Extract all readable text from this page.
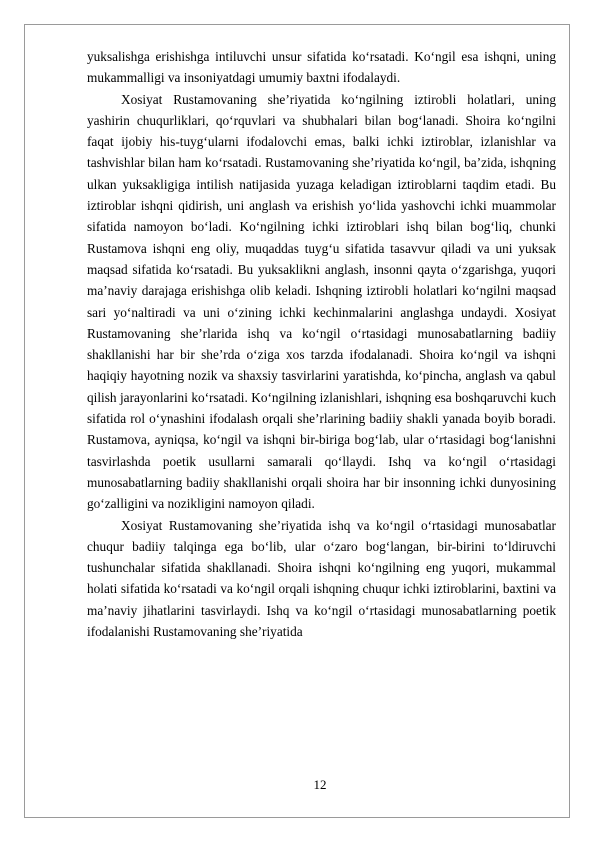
yuksalishga erishishga intiluvchi unsur sifatida ko‘rsatadi. Ko‘ngil esa ishqni, uning mukammalligi va insoniyatdagi umumiy baxtni ifodalaydi.

Xosiyat Rustamovaning she’riyatida ko‘ngilning iztirobli holatlari, uning yashirin chuqurliklari, qo‘rquvlari va shubhalari bilan bog‘lanadi. Shoira ko‘ngilni faqat ijobiy his-tuyg‘ularni ifodalovchi emas, balki ichki iztiroblar, izlanishlar va tashvishlar bilan ham ko‘rsatadi. Rustamovaning she’riyatida ko‘ngil, ba’zida, ishqning ulkan yuksakligiga intilish natijasida yuzaga keladigan iztiroblarni taqdim etadi. Bu iztiroblar ishqni qidirish, uni anglash va erishish yo‘lida yashovchi ichki muammolar sifatida namoyon bo‘ladi. Ko‘ngilning ichki iztiroblari ishq bilan bog‘liq, chunki Rustamova ishqni eng oliy, muqaddas tuyg‘u sifatida tasavvur qiladi va uni yuksak maqsad sifatida ko‘rsatadi. Bu yuksaklikni anglash, insonni qayta o‘zgarishga, yuqori ma’naviy darajaga erishishga olib keladi. Ishqning iztirobli holatlari ko‘ngilni maqsad sari yo‘naltiradi va uni o‘zining ichki kechinmalarini anglashga undaydi. Xosiyat Rustamovaning she’rlarida ishq va ko‘ngil o‘rtasidagi munosabatlarning badiiy shakllanishi har bir she’rda o‘ziga xos tarzda ifodalanadi. Shoira ko‘ngil va ishqni haqiqiy hayotning nozik va shaxsiy tasvirlarini yaratishda, ko‘pincha, anglash va qabul qilish jarayonlarini ko‘rsatadi. Ko‘ngilning izlanishlari, ishqning esa boshqaruvchi kuch sifatida rol o‘ynashini ifodalash orqali she’rlarining badiiy shakli yanada boyib boradi. Rustamova, ayniqsa, ko‘ngil va ishqni bir-biriga bog‘lab, ular o‘rtasidagi bog‘lanishni tasvirlashda poetik usullarni samarali qo‘llaydi. Ishq va ko‘ngil o‘rtasidagi munosabatlarning badiiy shakllanishi orqali shoira har bir insonning ichki dunyosining go‘zalligini va nozikligini namoyon qiladi.

Xosiyat Rustamovaning she’riyatida ishq va ko‘ngil o‘rtasidagi munosabatlar chuqur badiiy talqinga ega bo‘lib, ular o‘zaro bog‘langan, bir-birini to‘ldiruvchi tushunchalar sifatida shakllanadi. Shoira ishqni ko‘ngilning eng yuqori, mukammal holati sifatida ko‘rsatadi va ko‘ngil orqali ishqning chuqur ichki iztiroblarini, baxtini va ma’naviy jihatlarini tasvirlaydi. Ishq va ko‘ngil o‘rtasidagi munosabatlarning poetik ifodalanishi Rustamovaning she’riyatida

12
